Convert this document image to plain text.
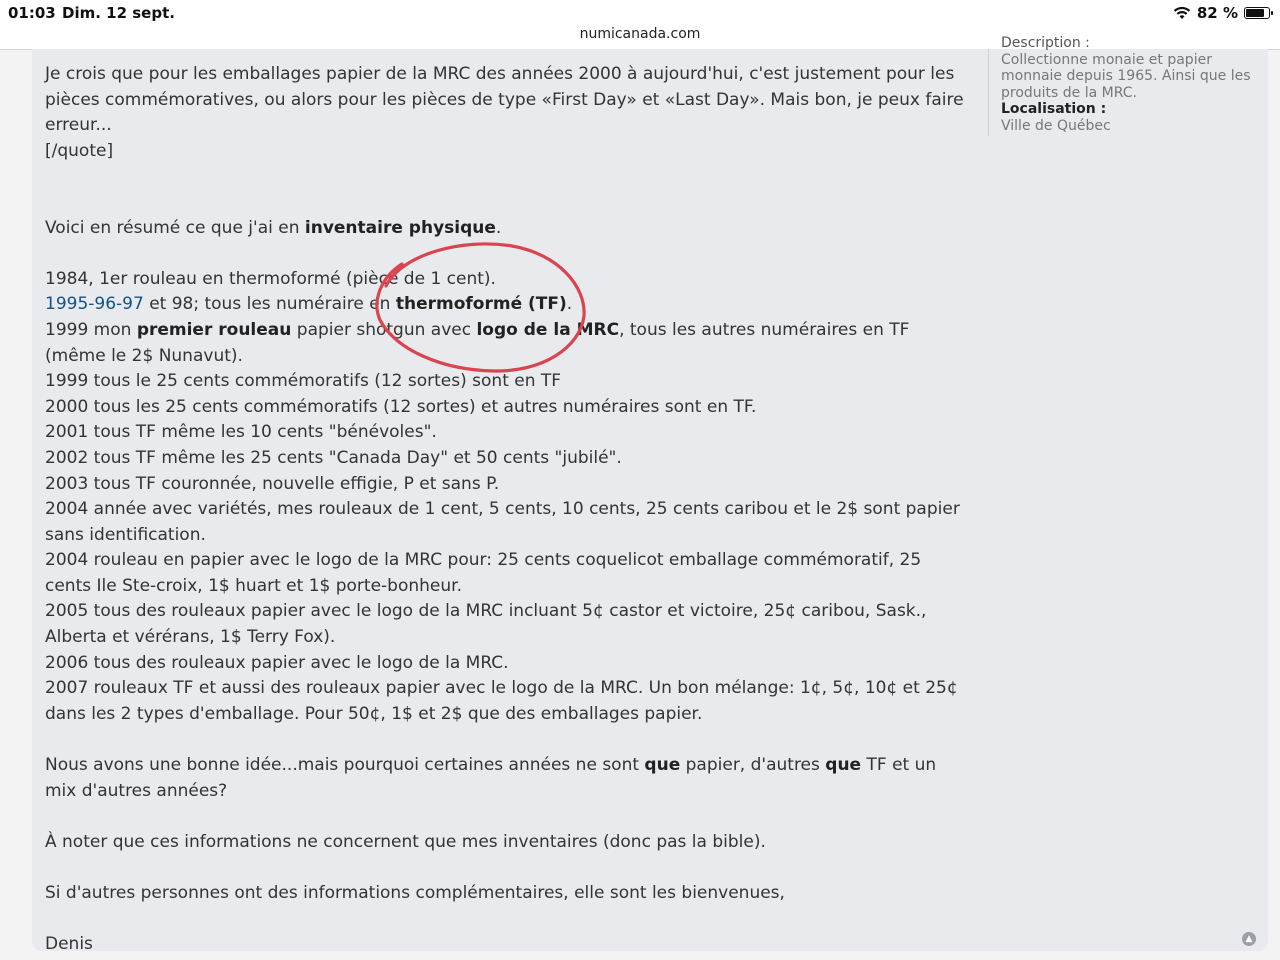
01:03 Dim. 12 sept.	82 %
numicanada.com

Description :

Collectionne monaie et papier monnaie depuis 1965. Ainsi que les produits de la MRC.

Localisation :

Ville de Québec

Je crois que pour les emballages papier de la MRC des années 2000 à aujourd'hui, c'est justement pour les pièces commémoratives, ou alors pour les pièces de type «First Day» et «Last Day». Mais bon, je peux faire erreur...

[/quote]

Voici en résumé ce que j'ai en inventaire physique.

1984, 1er rouleau en thermoformé (pièce de 1 cent).

1995-96-97 et 98; tous les numéraire en thermoformé (TF).

1999 mon premier rouleau papier shotgun avec logo de la MRC, tous les autres numéraires en TF (même le 2$ Nunavut).

1999 tous le 25 cents commémoratifs (12 sortes) sont en TF

2000 tous les 25 cents commémoratifs (12 sortes) et autres numéraires sont en TF.

2001 tous TF même les 10 cents "bénévoles".

2002 tous TF même les 25 cents "Canada Day" et 50 cents "jubilé".

2003 tous TF couronnée, nouvelle effigie, P et sans P.

2004 année avec variétés, mes rouleaux de 1 cent, 5 cents, 10 cents, 25 cents caribou et le 2$ sont papier sans identification.

2004 rouleau en papier avec le logo de la MRC pour: 25 cents coquelicot emballage commémoratif, 25 cents Ile Ste-croix, 1$ huart et 1$ porte-bonheur.

2005 tous des rouleaux papier avec le logo de la MRC incluant 5¢ castor et victoire, 25¢ caribou, Sask., Alberta et vérérans, 1$ Terry Fox).

2006 tous des rouleaux papier avec le logo de la MRC.

2007 rouleaux TF et aussi des rouleaux papier avec le logo de la MRC. Un bon mélange: 1¢, 5¢, 10¢ et 25¢ dans les 2 types d'emballage. Pour 50¢, 1$ et 2$ que des emballages papier.

Nous avons une bonne idée...mais pourquoi certaines années ne sont que papier, d'autres que TF et un mix d'autres années?

À noter que ces informations ne concernent que mes inventaires (donc pas la bible).

Si d'autres personnes ont des informations complémentaires, elle sont les bienvenues,

Denis	▲
